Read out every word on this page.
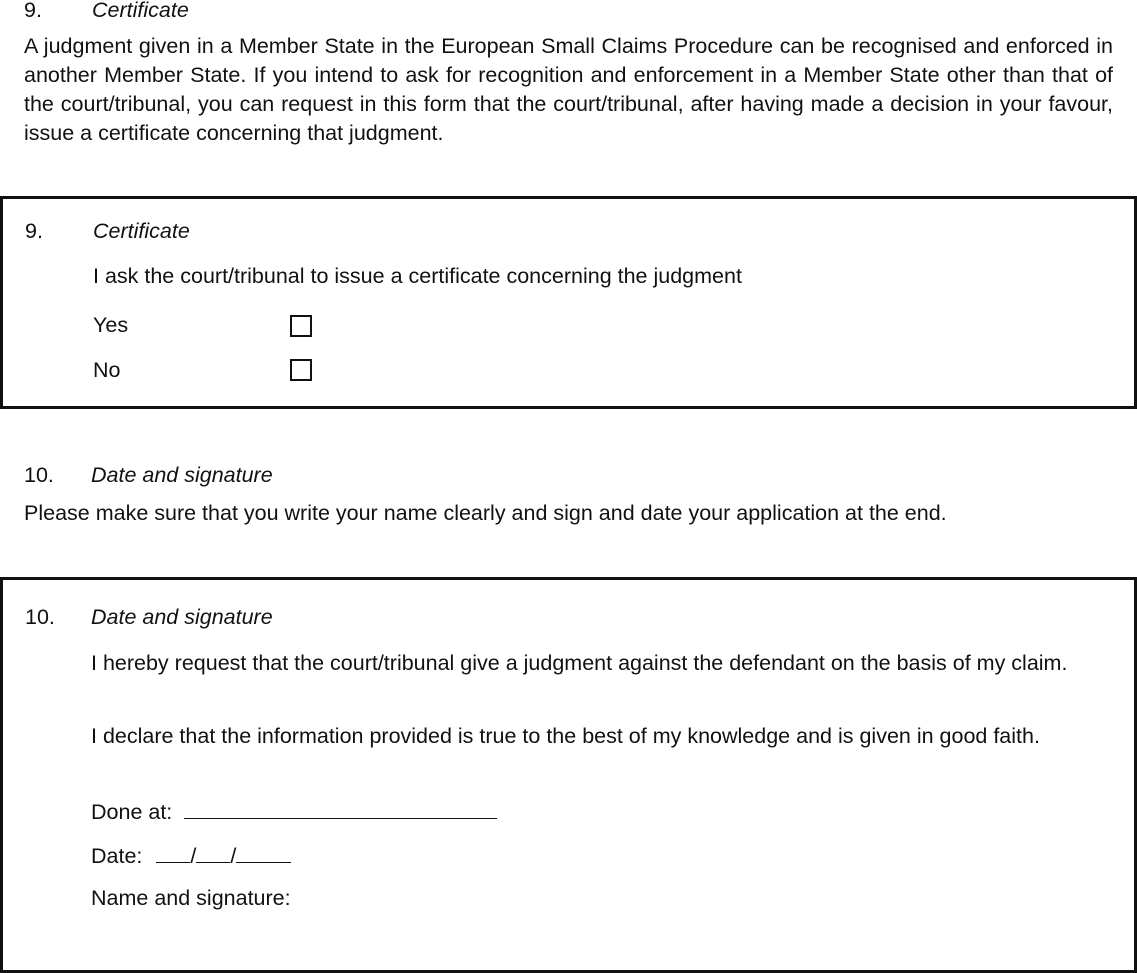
9. Certificate
A judgment given in a Member State in the European Small Claims Procedure can be recognised and enforced in another Member State. If you intend to ask for recognition and enforcement in a Member State other than that of the court/tribunal, you can request in this form that the court/tribunal, after having made a decision in your favour, issue a certificate concerning that judgment.
9. Certificate
I ask the court/tribunal to issue a certificate concerning the judgment
Yes
No
10. Date and signature
Please make sure that you write your name clearly and sign and date your application at the end.
10. Date and signature
I hereby request that the court/tribunal give a judgment against the defendant on the basis of my claim.
I declare that the information provided is true to the best of my knowledge and is given in good faith.
Done at:
Date: / /
Name and signature:
